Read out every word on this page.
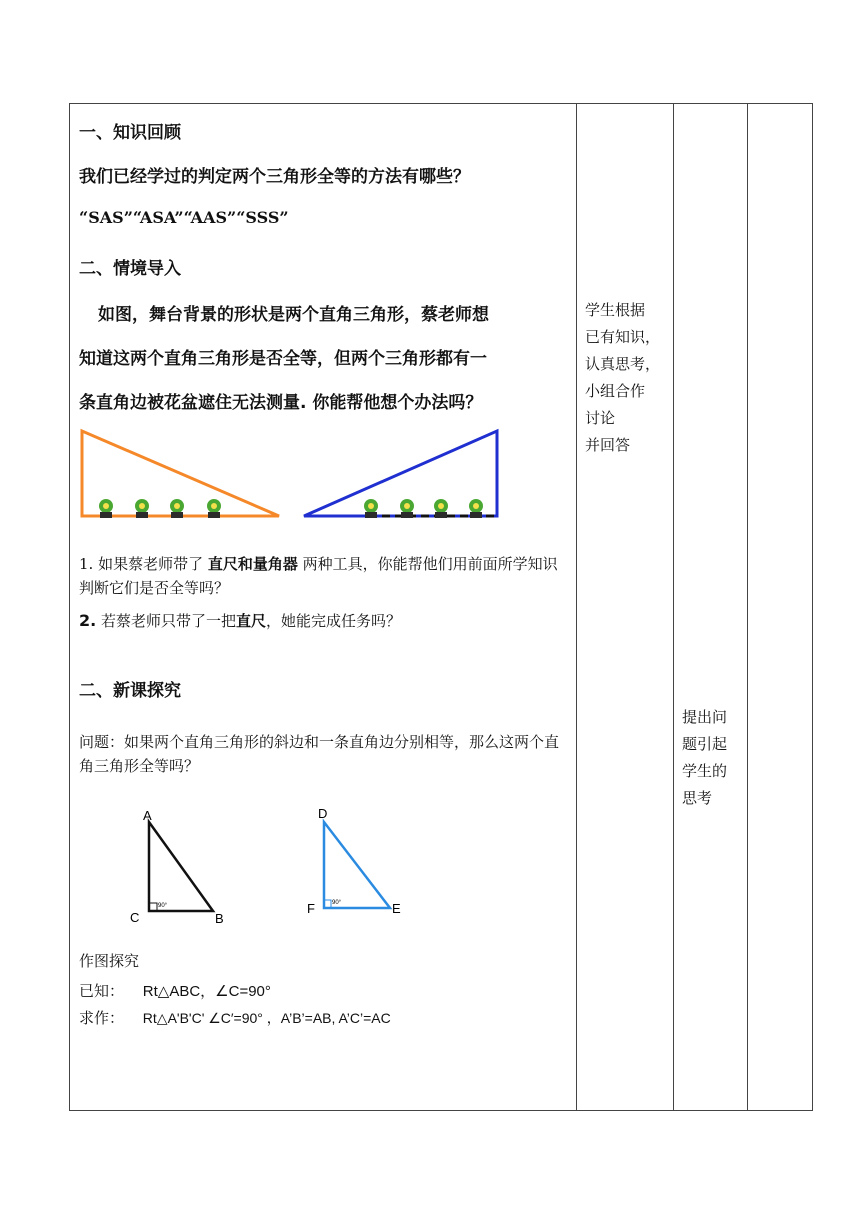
一、知识回顾
我们已经学过的判定两个三角形全等的方法有哪些？
“SAS”“ASA”“AAS”“SSS”
二、情境导入
如图，舞台背景的形状是两个直角三角形，蔡老师想
知道这两个直角三角形是否全等，但两个三角形都有一
条直角边被花盆遮住无法测量. 你能帮他想个办法吗？
1. 如果蔡老师带了 直尺和量角器 两种工具，你能帮他们用前面所学知识判断它们是否全等吗？
2. 若蔡老师只带了一把直尺，她能完成任务吗？
二、新课探究
问题：如果两个直角三角形的斜边和一条直角边分别相等，那么这两个直角三角形全等吗？
A
C	B
90°
D
F	E
90°
作图探究
已知： Rt△ABC，∠C=90°
求作： Rt△A'B'C' ∠C′=90° ，A’B’=AB, A’C’=AC
学生根据
已有知识，
认真思考，
小组合作
讨论
并回答
提出问
题引起
学生的
思考
